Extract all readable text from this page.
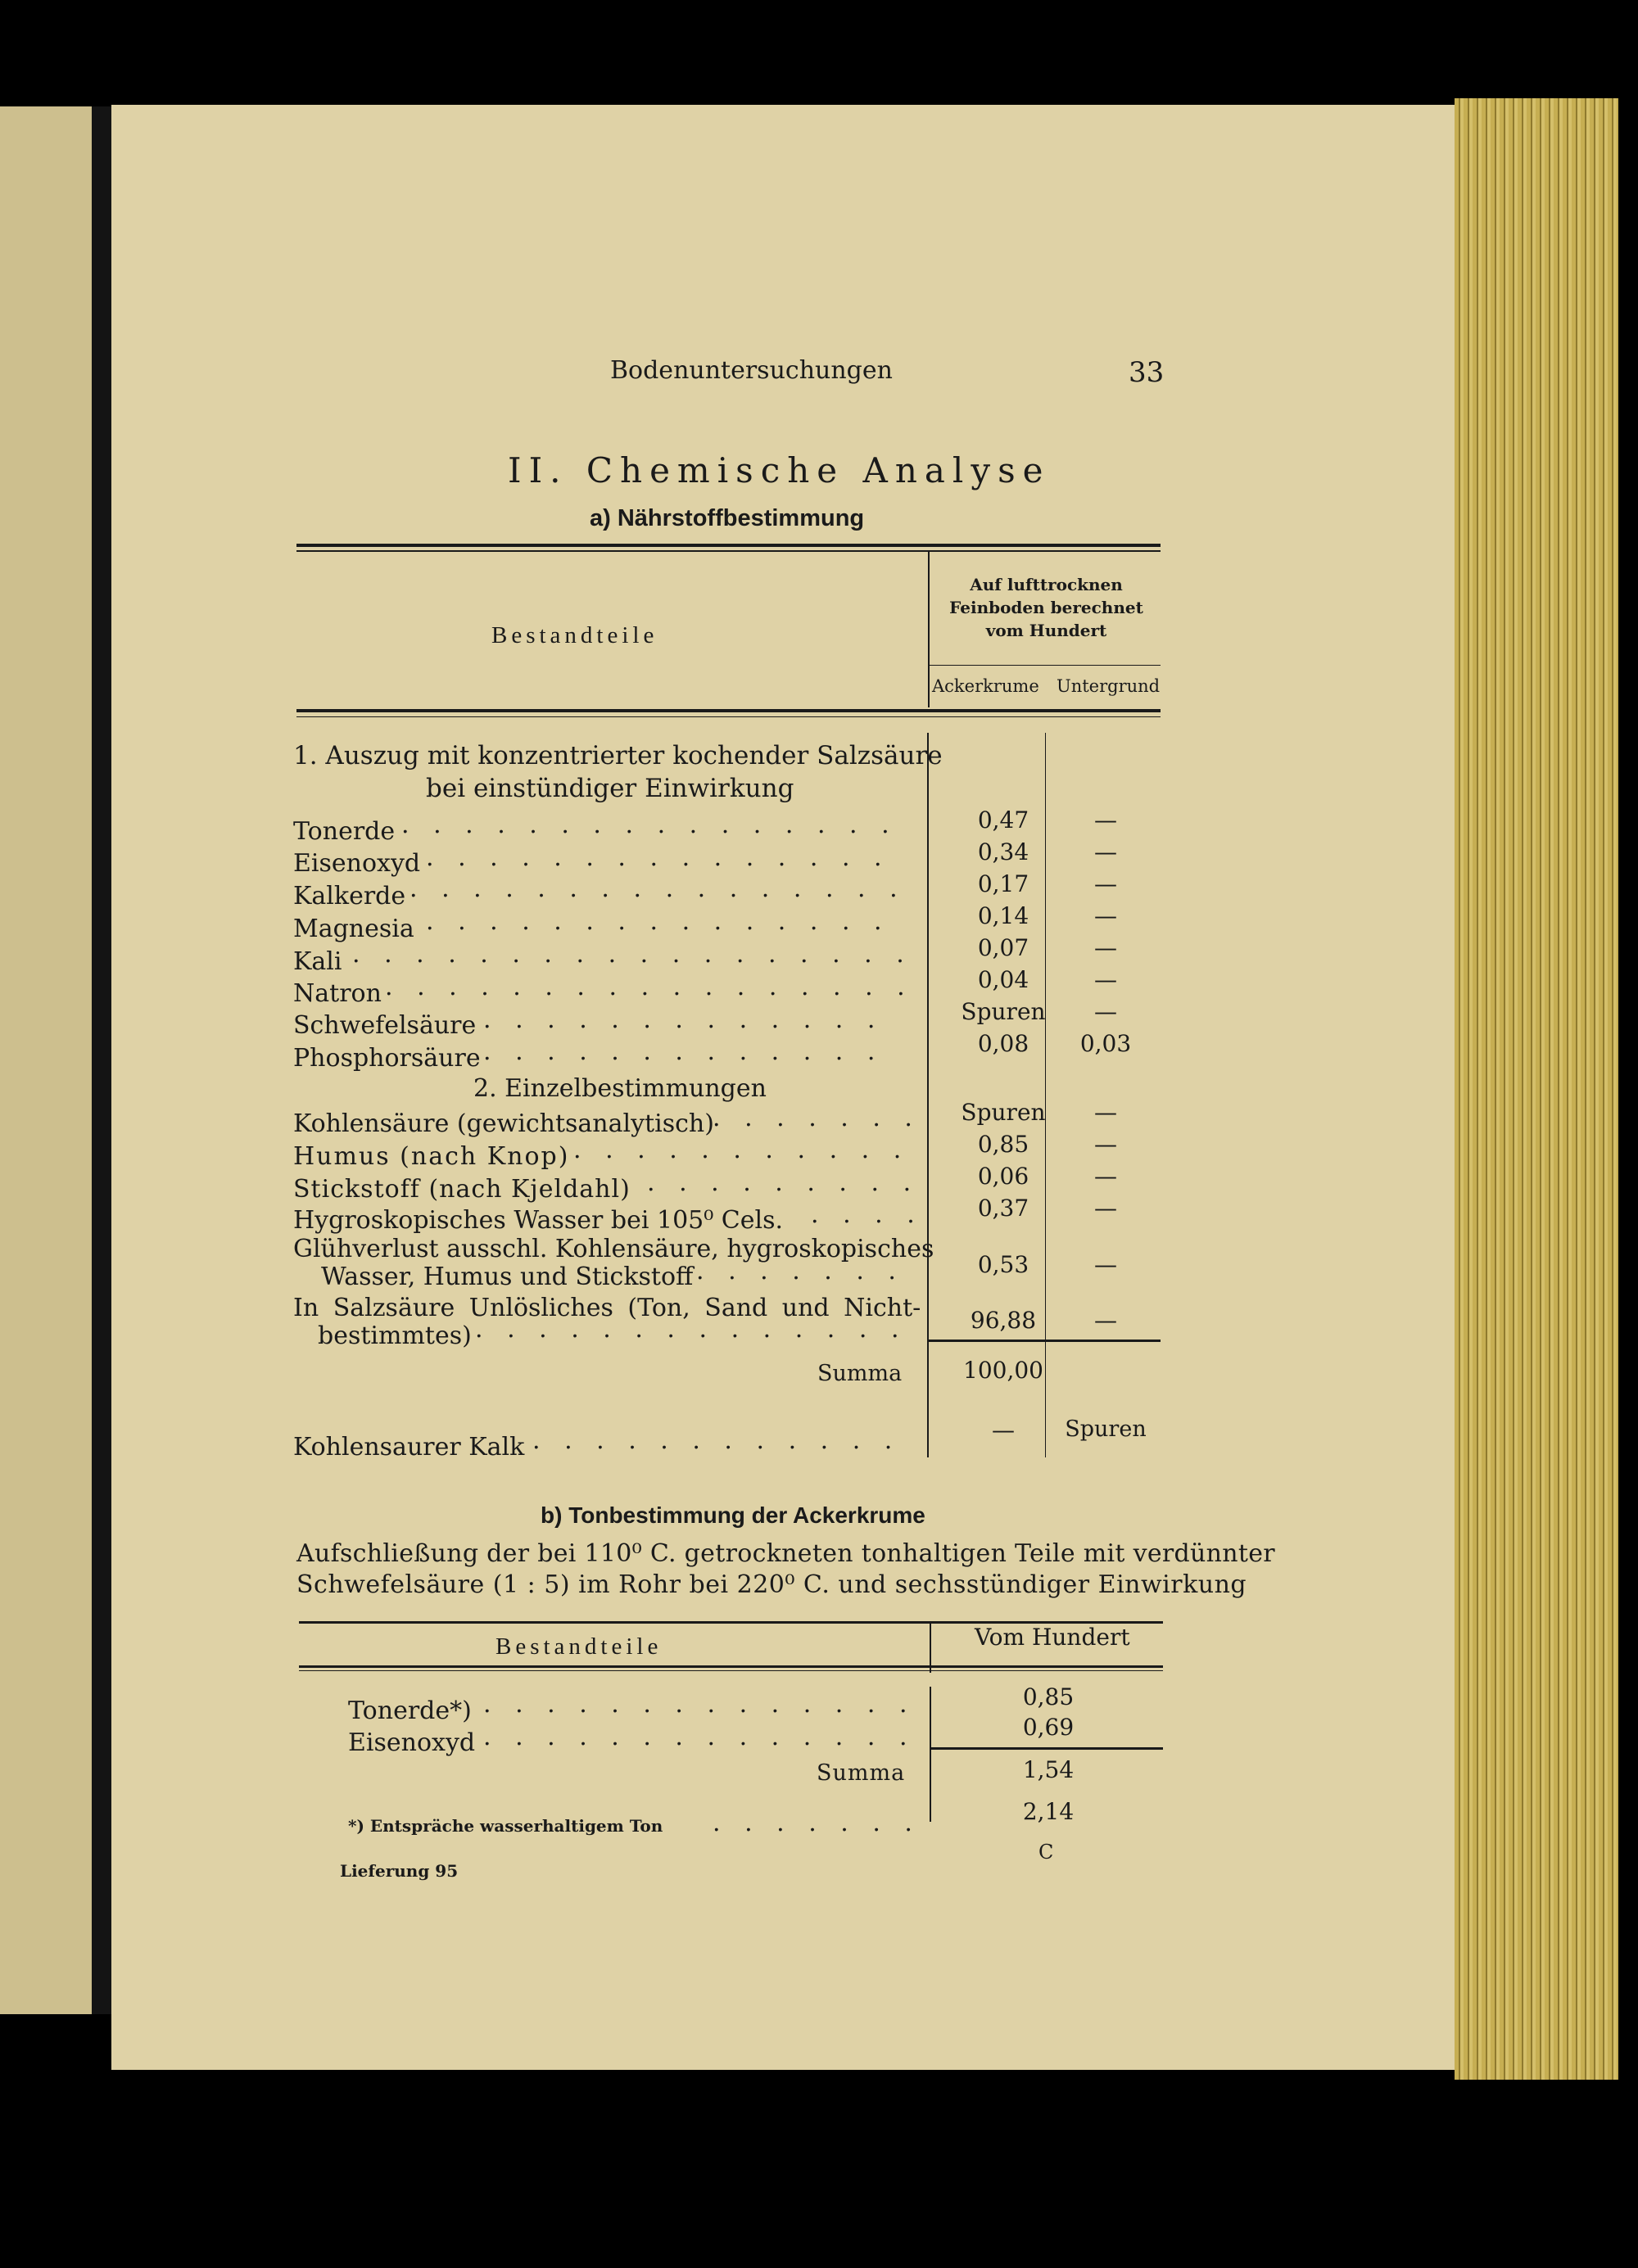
Bodenuntersuchungen	33
II. Chemische Analyse
a) Nährstoffbestimmung
Bestandteile
Auf lufttrocknen
Feinboden berechnet
vom Hundert
Ackerkrume Untergrund
1. Auszug mit konzentrierter kochender Salzsäure
bei einstündiger Einwirkung
Tonerde . . . . . . . . . . . . . . . .	0,47	—
Eisenoxyd . . . . . . . . . . . . . . .	0,34	—
Kalkerde . . . . . . . . . . . . . . . .	0,17	—
Magnesia . . . . . . . . . . . . . . .	0,14	—
Kali . . . . . . . . . . . . . . . . . .	0,07	—
Natron . . . . . . . . . . . . . . . . .	0,04	—
Schwefelsäure . . . . . . . . . . . . .	Spuren	—
Phosphorsäure . . . . . . . . . . . . .	0,08	0,03
2. Einzelbestimmungen
Kohlensäure (gewichtsanalytisch)
. . . . . . .	Spuren	—
Humus (nach Knop) . . . . . . . . . . .	0,85	—
Stickstoff (nach Kjeldahl) . . . . . . . . .	0,06	—
Hygroskopisches Wasser bei 105⁰ Cels. . . . .	0,37	—
Glühverlust ausschl. Kohlensäure, hygroskopisches
Wasser, Humus und Stickstoff . . . . . . .	0,53	—
In Salzsäure Unlösliches (Ton, Sand und Nicht-
bestimmtes) . . . . . . . . . . . . . .	96,88	—
Summa	100,00
Kohlensaurer Kalk . . . . . . . . . . . .	—	Spuren
b) Tonbestimmung der Ackerkrume
Aufschließung der bei 110⁰ C. getrockneten tonhaltigen Teile mit verdünnter
Schwefelsäure (1 : 5) im Rohr bei 220⁰ C. und sechsstündiger Einwirkung
Bestandteile	Vom Hundert
Tonerde*) . . . . . . . . . . . . . .	0,85
Eisenoxyd . . . . . . . . . . . . . .	0,69
Summa	1,54
*) Entspräche wasserhaltigem Ton . . . . . . .	2,14
C
Lieferung 95
